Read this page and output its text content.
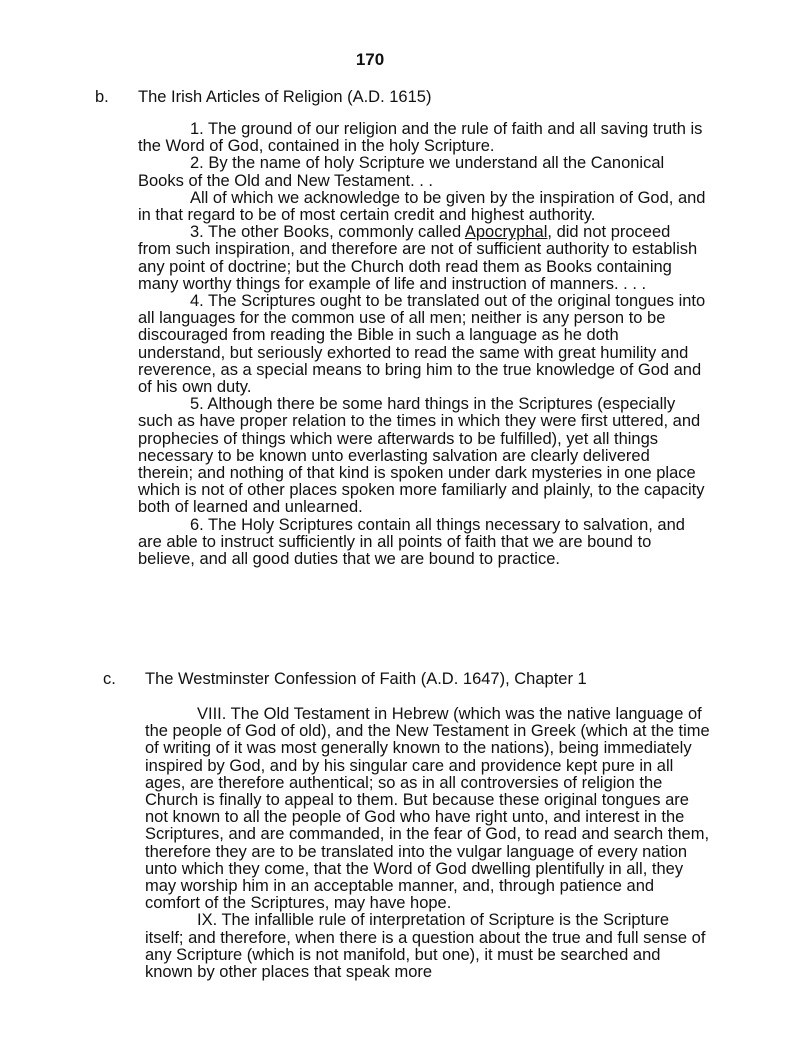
170
b. The Irish Articles of Religion (A.D. 1615)

1. The ground of our religion and the rule of faith and all saving truth is the Word of God, contained in the holy Scripture.

2. By the name of holy Scripture we understand all the Canonical Books of the Old and New Testament. . .

All of which we acknowledge to be given by the inspiration of God, and in that regard to be of most certain credit and highest authority.

3. The other Books, commonly called Apocryphal, did not proceed from such inspiration, and therefore are not of sufficient authority to establish any point of doctrine; but the Church doth read them as Books containing many worthy things for example of life and instruction of manners. . . .

4. The Scriptures ought to be translated out of the original tongues into all languages for the common use of all men; neither is any person to be discouraged from reading the Bible in such a language as he doth understand, but seriously exhorted to read the same with great humility and reverence, as a special means to bring him to the true knowledge of God and of his own duty.

5. Although there be some hard things in the Scriptures (especially such as have proper relation to the times in which they were first uttered, and prophecies of things which were afterwards to be fulfilled), yet all things necessary to be known unto everlasting salvation are clearly delivered therein; and nothing of that kind is spoken under dark mysteries in one place which is not of other places spoken more familiarly and plainly, to the capacity both of learned and unlearned.

6. The Holy Scriptures contain all things necessary to salvation, and are able to instruct sufficiently in all points of faith that we are bound to believe, and all good duties that we are bound to practice.

c. The Westminster Confession of Faith (A.D. 1647), Chapter 1

VIII. The Old Testament in Hebrew (which was the native language of the people of God of old), and the New Testament in Greek (which at the time of writing of it was most generally known to the nations), being immediately inspired by God, and by his singular care and providence kept pure in all ages, are therefore authentical; so as in all controversies of religion the Church is finally to appeal to them. But because these original tongues are not known to all the people of God who have right unto, and interest in the Scriptures, and are commanded, in the fear of God, to read and search them, therefore they are to be translated into the vulgar language of every nation unto which they come, that the Word of God dwelling plentifully in all, they may worship him in an acceptable manner, and, through patience and comfort of the Scriptures, may have hope.

IX. The infallible rule of interpretation of Scripture is the Scripture itself; and therefore, when there is a question about the true and full sense of any Scripture (which is not manifold, but one), it must be searched and known by other places that speak more
